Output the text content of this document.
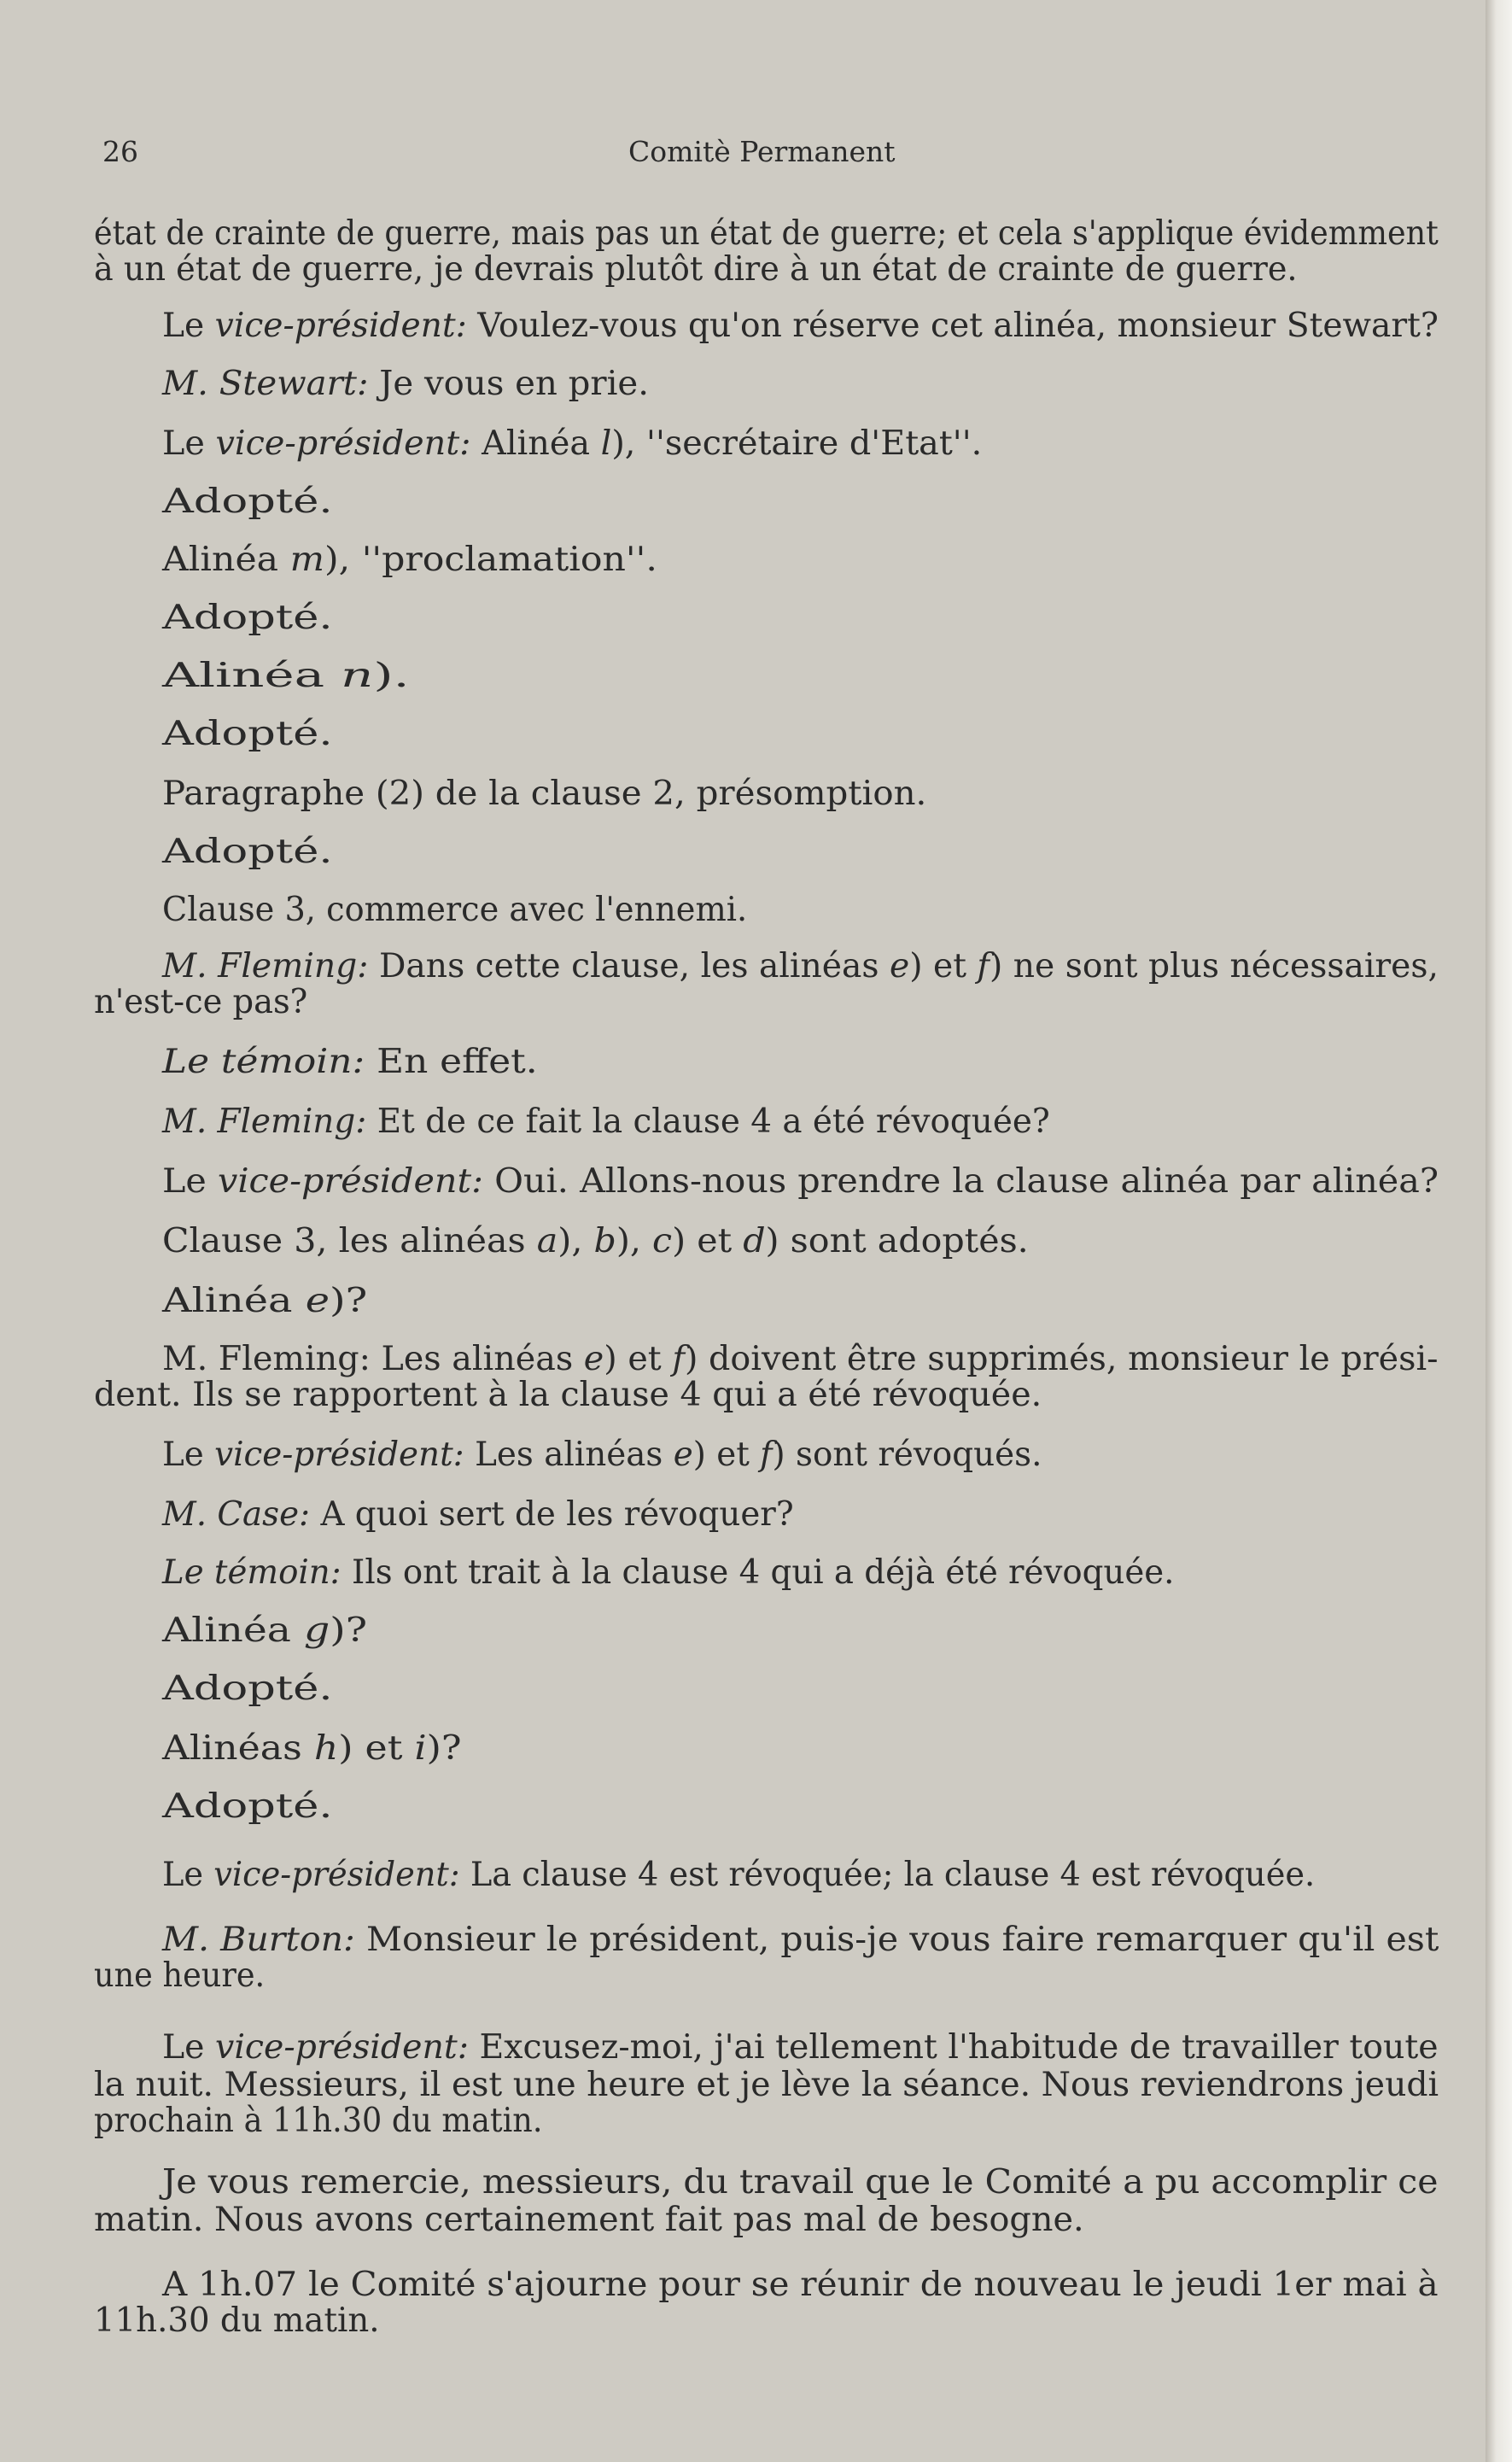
26	Comitè Permanent
état de crainte de guerre, mais pas un état de guerre; et cela s'applique évidemment
à un état de guerre, je devrais plutôt dire à un état de crainte de guerre.
Le vice-président: Voulez-vous qu'on réserve cet alinéa, monsieur Stewart?
M. Stewart: Je vous en prie.
Le vice-président: Alinéa l), ''secrétaire d'Etat''.
Adopté.
Alinéa m), ''proclamation''.
Adopté.
Alinéa n).
Adopté.
Paragraphe (2) de la clause 2, présomption.
Adopté.
Clause 3, commerce avec l'ennemi.
M. Fleming: Dans cette clause, les alinéas e) et f) ne sont plus nécessaires,
n'est-ce pas?
Le témoin: En effet.
M. Fleming: Et de ce fait la clause 4 a été révoquée?
Le vice-président: Oui. Allons-nous prendre la clause alinéa par alinéa?
Clause 3, les alinéas a), b), c) et d) sont adoptés.
Alinéa e)?
M. Fleming: Les alinéas e) et f) doivent être supprimés, monsieur le prési-
dent. Ils se rapportent à la clause 4 qui a été révoquée.
Le vice-président: Les alinéas e) et f) sont révoqués.
M. Case: A quoi sert de les révoquer?
Le témoin: Ils ont trait à la clause 4 qui a déjà été révoquée.
Alinéa g)?
Adopté.
Alinéas h) et i)?
Adopté.
Le vice-président: La clause 4 est révoquée; la clause 4 est révoquée.
M. Burton: Monsieur le président, puis-je vous faire remarquer qu'il est
une heure.
Le vice-président: Excusez-moi, j'ai tellement l'habitude de travailler toute
la nuit. Messieurs, il est une heure et je lève la séance. Nous reviendrons jeudi
prochain à 11h.30 du matin.
Je vous remercie, messieurs, du travail que le Comité a pu accomplir ce
matin. Nous avons certainement fait pas mal de besogne.
A 1h.07 le Comité s'ajourne pour se réunir de nouveau le jeudi 1er mai à
11h.30 du matin.
